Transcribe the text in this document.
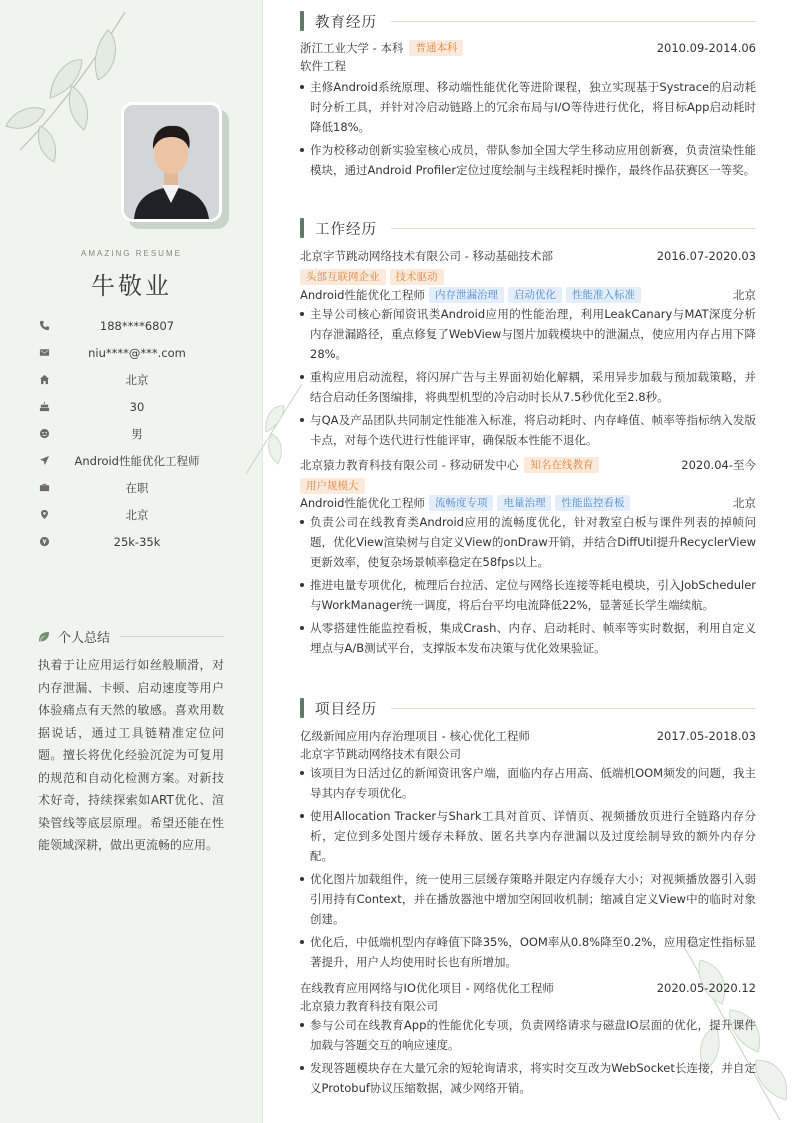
AMAZING RESUME
牛敬业
188****6807
niu****@***.com
北京
30
男
Android性能优化工程师
在职
北京
25k-35k
个人总结
执着于让应用运行如丝般顺滑，对内存泄漏、卡顿、启动速度等用户体验痛点有天然的敏感。喜欢用数据说话，通过工具链精准定位问题。擅长将优化经验沉淀为可复用的规范和自动化检测方案。对新技术好奇，持续探索如ART优化、渲染管线等底层原理。希望还能在性能领域深耕，做出更流畅的应用。
教育经历
浙江工业大学 - 本科	普通本科	2010.09-2014.06
软件工程
主修Android系统原理、移动端性能优化等进阶课程，独立实现基于Systrace的启动耗时分析工具，并针对冷启动链路上的冗余布局与I/O等待进行优化，将目标App启动耗时降低18%。
作为校移动创新实验室核心成员，带队参加全国大学生移动应用创新赛，负责渲染性能模块，通过Android Profiler定位过度绘制与主线程耗时操作，最终作品获赛区一等奖。
工作经历
北京字节跳动网络技术有限公司 - 移动基础技术部	2016.07-2020.03
头部互联网企业	技术驱动
Android性能优化工程师 内存泄漏治理	启动优化	性能准入标准	北京
主导公司核心新闻资讯类Android应用的性能治理，利用LeakCanary与MAT深度分析内存泄漏路径，重点修复了WebView与图片加载模块中的泄漏点，使应用内存占用下降28%。
重构应用启动流程，将闪屏广告与主界面初始化解耦，采用异步加载与预加载策略，并结合启动任务图编排，将典型机型的冷启动时长从7.5秒优化至2.8秒。
与QA及产品团队共同制定性能准入标准，将启动耗时、内存峰值、帧率等指标纳入发版卡点，对每个迭代进行性能评审，确保版本性能不退化。
北京猿力教育科技有限公司 - 移动研发中心	知名在线教育	2020.04-至今
用户规模大
Android性能优化工程师 流畅度专项	电量治理	性能监控看板	北京
负责公司在线教育类Android应用的流畅度优化，针对教室白板与课件列表的掉帧问题，优化View渲染树与自定义View的onDraw开销，并结合DiffUtil提升RecyclerView更新效率，使复杂场景帧率稳定在58fps以上。
推进电量专项优化，梳理后台拉活、定位与网络长连接等耗电模块，引入JobScheduler与WorkManager统一调度，将后台平均电流降低22%，显著延长学生端续航。
从零搭建性能监控看板，集成Crash、内存、启动耗时、帧率等实时数据，利用自定义埋点与A/B测试平台，支撑版本发布决策与优化效果验证。
项目经历
亿级新闻应用内存治理项目 - 核心优化工程师	2017.05-2018.03
北京字节跳动网络技术有限公司
该项目为日活过亿的新闻资讯客户端，面临内存占用高、低端机OOM频发的问题，我主导其内存专项优化。
使用Allocation Tracker与Shark工具对首页、详情页、视频播放页进行全链路内存分析，定位到多处图片缓存未释放、匿名共享内存泄漏以及过度绘制导致的额外内存分配。
优化图片加载组件，统一使用三层缓存策略并限定内存缓存大小；对视频播放器引入弱引用持有Context，并在播放器池中增加空闲回收机制；缩减自定义View中的临时对象创建。
优化后，中低端机型内存峰值下降35%，OOM率从0.8%降至0.2%，应用稳定性指标显著提升，用户人均使用时长也有所增加。
在线教育应用网络与IO优化项目 - 网络优化工程师	2020.05-2020.12
北京猿力教育科技有限公司
参与公司在线教育App的性能优化专项，负责网络请求与磁盘IO层面的优化，提升课件加载与答题交互的响应速度。
发现答题模块存在大量冗余的短轮询请求，将实时交互改为WebSocket长连接，并自定义Protobuf协议压缩数据，减少网络开销。
